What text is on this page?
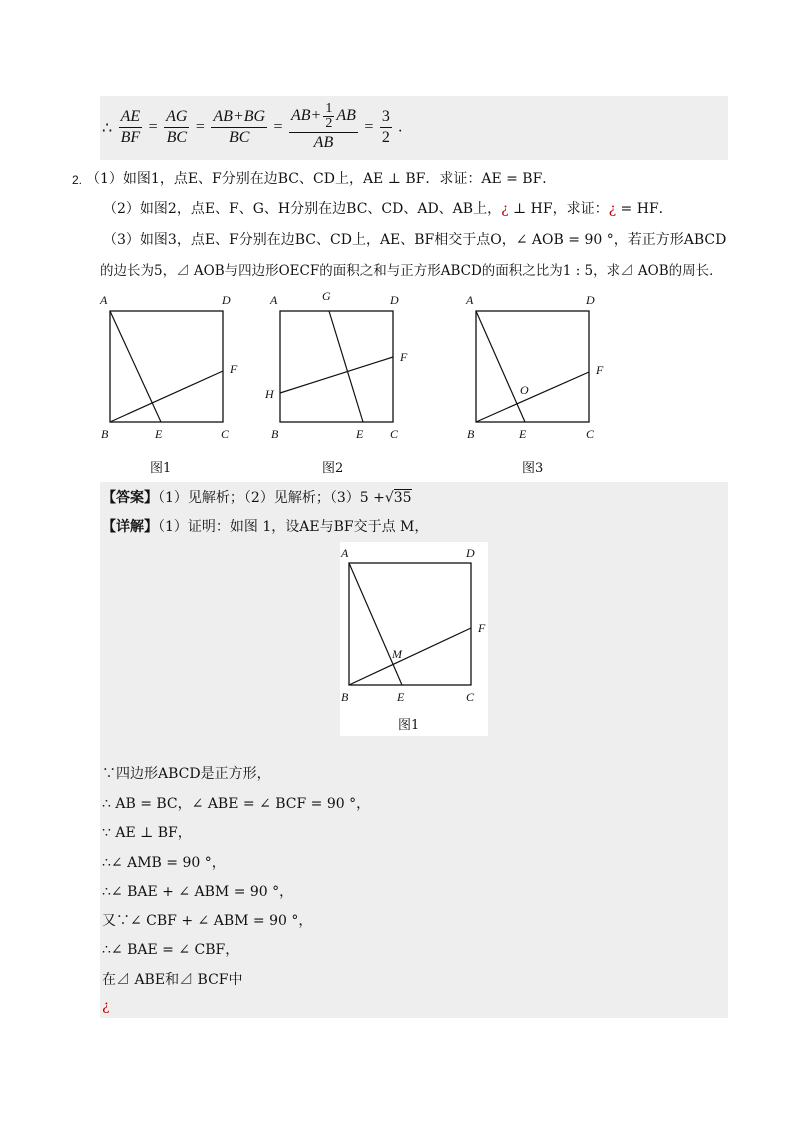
∴ $\frac{AE}{BF} = \frac{AG}{BC} = \frac{AB+BG}{BC} = \frac{AB+ \frac{1}{2} AB}{AB} = \frac{3}{2}$ .
2. （1）如图1，点E、F分别在边BC、CD上，AE ⊥ BF．求证：AE = BF．
（2）如图2，点E、F、G、H分别在边BC、CD、AD、AB上，¿ ⊥ HF，求证：¿ = HF．
（3）如图3，点E、F分别在边BC、CD上，AE、BF相交于点O，∠ AOB = 90 °，若正方形ABCD
的边长为5，⊿ AOB与四边形OECF的面积之和与正方形ABCD的面积之比为1 : 5，求⊿ AOB的周长．
A	D
F
B	E	C
图1
A	G	D
F
H
B	E C
图2
A	D
F
O
B	E	C
图3
【答案】（1）见解析；（2）见解析；（3）5 +√35
【详解】（1）证明：如图 1，设AE与BF交于点 M，
A	D
F
M
B	E	C
图1
∵四边形ABCD是正方形，
∴ AB = BC，∠ ABE = ∠ BCF = 90 °，
∵ AE ⊥ BF，
∴∠ AMB = 90 °，
∴∠ BAE + ∠ ABM = 90 °，
又∵∠ CBF + ∠ ABM = 90 °，
∴∠ BAE = ∠ CBF，
在⊿ ABE和⊿ BCF中
¿
